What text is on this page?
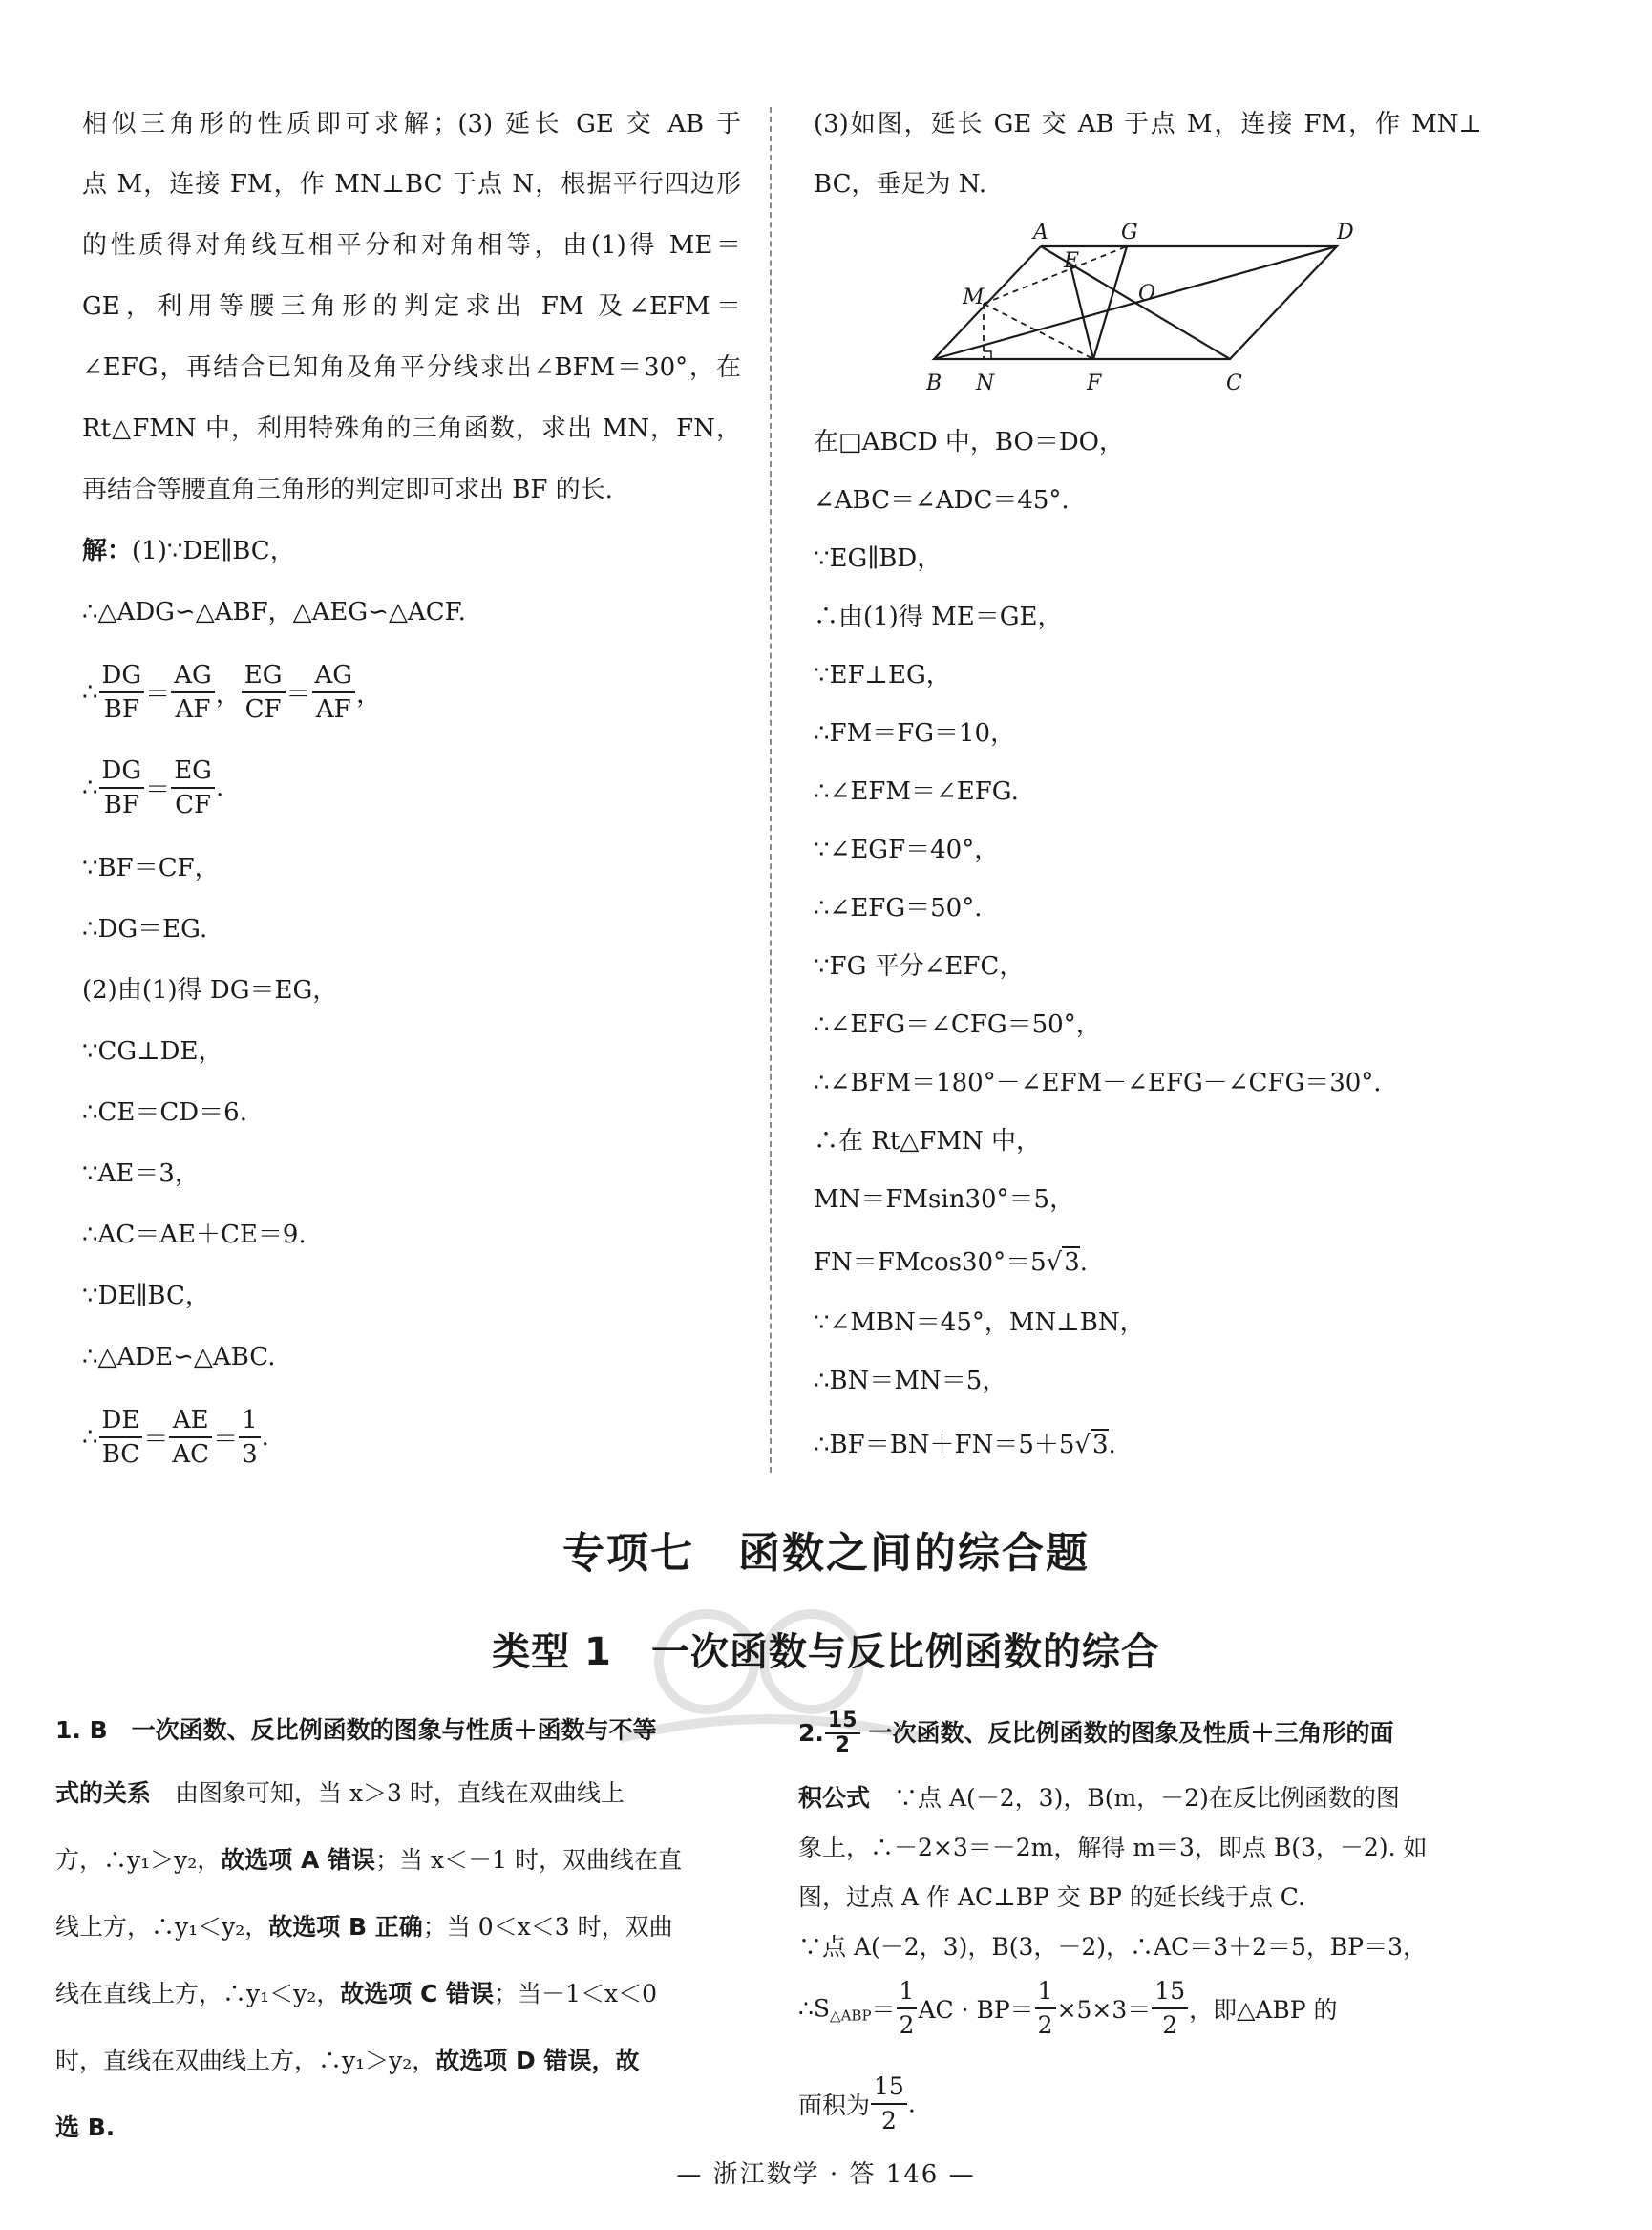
相似三角形的性质即可求解；(3) 延长 GE 交 AB 于
点 M，连接 FM，作 MN⊥BC 于点 N，根据平行四边形
的性质得对角线互相平分和对角相等，由(1)得 ME＝
GE，利用等腰三角形的判定求出 FM 及∠EFM＝
∠EFG，再结合已知角及角平分线求出∠BFM＝30°，在
Rt△FMN 中，利用特殊角的三角函数，求出 MN，FN，
再结合等腰直角三角形的判定即可求出 BF 的长.
解：(1)∵DE∥BC，
∴△ADG∽△ABF，△AEG∽△ACF.
∴ $\frac{DG}{BF} = \frac{AG}{AF}$ ， $\frac{EG}{CF} = \frac{AG}{AF}$ ，
∴ $\frac{DG}{BF} = \frac{EG}{CF}$ .
∵BF＝CF，
∴DG＝EG.
(2)由(1)得 DG＝EG，
∵CG⊥DE，
∴CE＝CD＝6.
∵AE＝3，
∴AC＝AE＋CE＝9.
∵DE∥BC，
∴△ADE∽△ABC.
∴ $\frac{DE}{BC} = \frac{AE}{AC} = \frac{1}{3}$ .
(3)如图，延长 GE 交 AB 于点 M，连接 FM，作 MN⊥
BC，垂足为 N.
在□ABCD 中，BO＝DO，
∠ABC＝∠ADC＝45°.
∵EG∥BD，
∴由(1)得 ME＝GE，
∵EF⊥EG，
∴FM＝FG＝10，
∴∠EFM＝∠EFG.
∵∠EGF＝40°，
∴∠EFG＝50°.
∵FG 平分∠EFC，
∴∠EFG＝∠CFG＝50°，
∴∠BFM＝180°－∠EFM－∠EFG－∠CFG＝30°.
∴在 Rt△FMN 中，
MN＝FMsin30°＝5，
FN＝FMcos30°＝5√3.
∵∠MBN＝45°，MN⊥BN，
∴BN＝MN＝5，
∴BF＝BN＋FN＝5＋5√3.
A	G	D
E
O
M
B N	F	C
专项七　函数之间的综合题
类型 1　一次函数与反比例函数的综合
1. B　 一次函数、反比例函数的图象与性质＋函数与不等
式的关系　由图象可知，当 x＞3 时，直线在双曲线上
方，∴y₁＞y₂，故选项 A 错误；当 x＜－1 时，双曲线在直
线上方，∴y₁＜y₂，故选项 B 正确；当 0＜x＜3 时，双曲
线在直线上方，∴y₁＜y₂，故选项 C 错误；当－1＜x＜0
时，直线在双曲线上方，∴y₁＞y₂，故选项 D 错误，故
选 B.
2. $\frac{15}{2}$ 一次函数、反比例函数的图象及性质＋三角形的面
积公式　∵点 A(－2，3)，B(m，－2)在反比例函数的图
象上，∴－2×3＝－2m，解得 m＝3，即点 B(3，－2). 如
图，过点 A 作 AC⊥BP 交 BP 的延长线于点 C.
∵点 A(－2，3)，B(3，－2)，∴AC＝3＋2＝5，BP＝3，
$\therefore S_{\triangle ABP}= \frac{1}{2}$ AC · $BP= \frac{1}{2} \times 5\times 3= \frac{15}{2}$ ，即△ABP 的
面积为 $\frac{15}{2}$ .
— 浙江数学 · 答 146 —
